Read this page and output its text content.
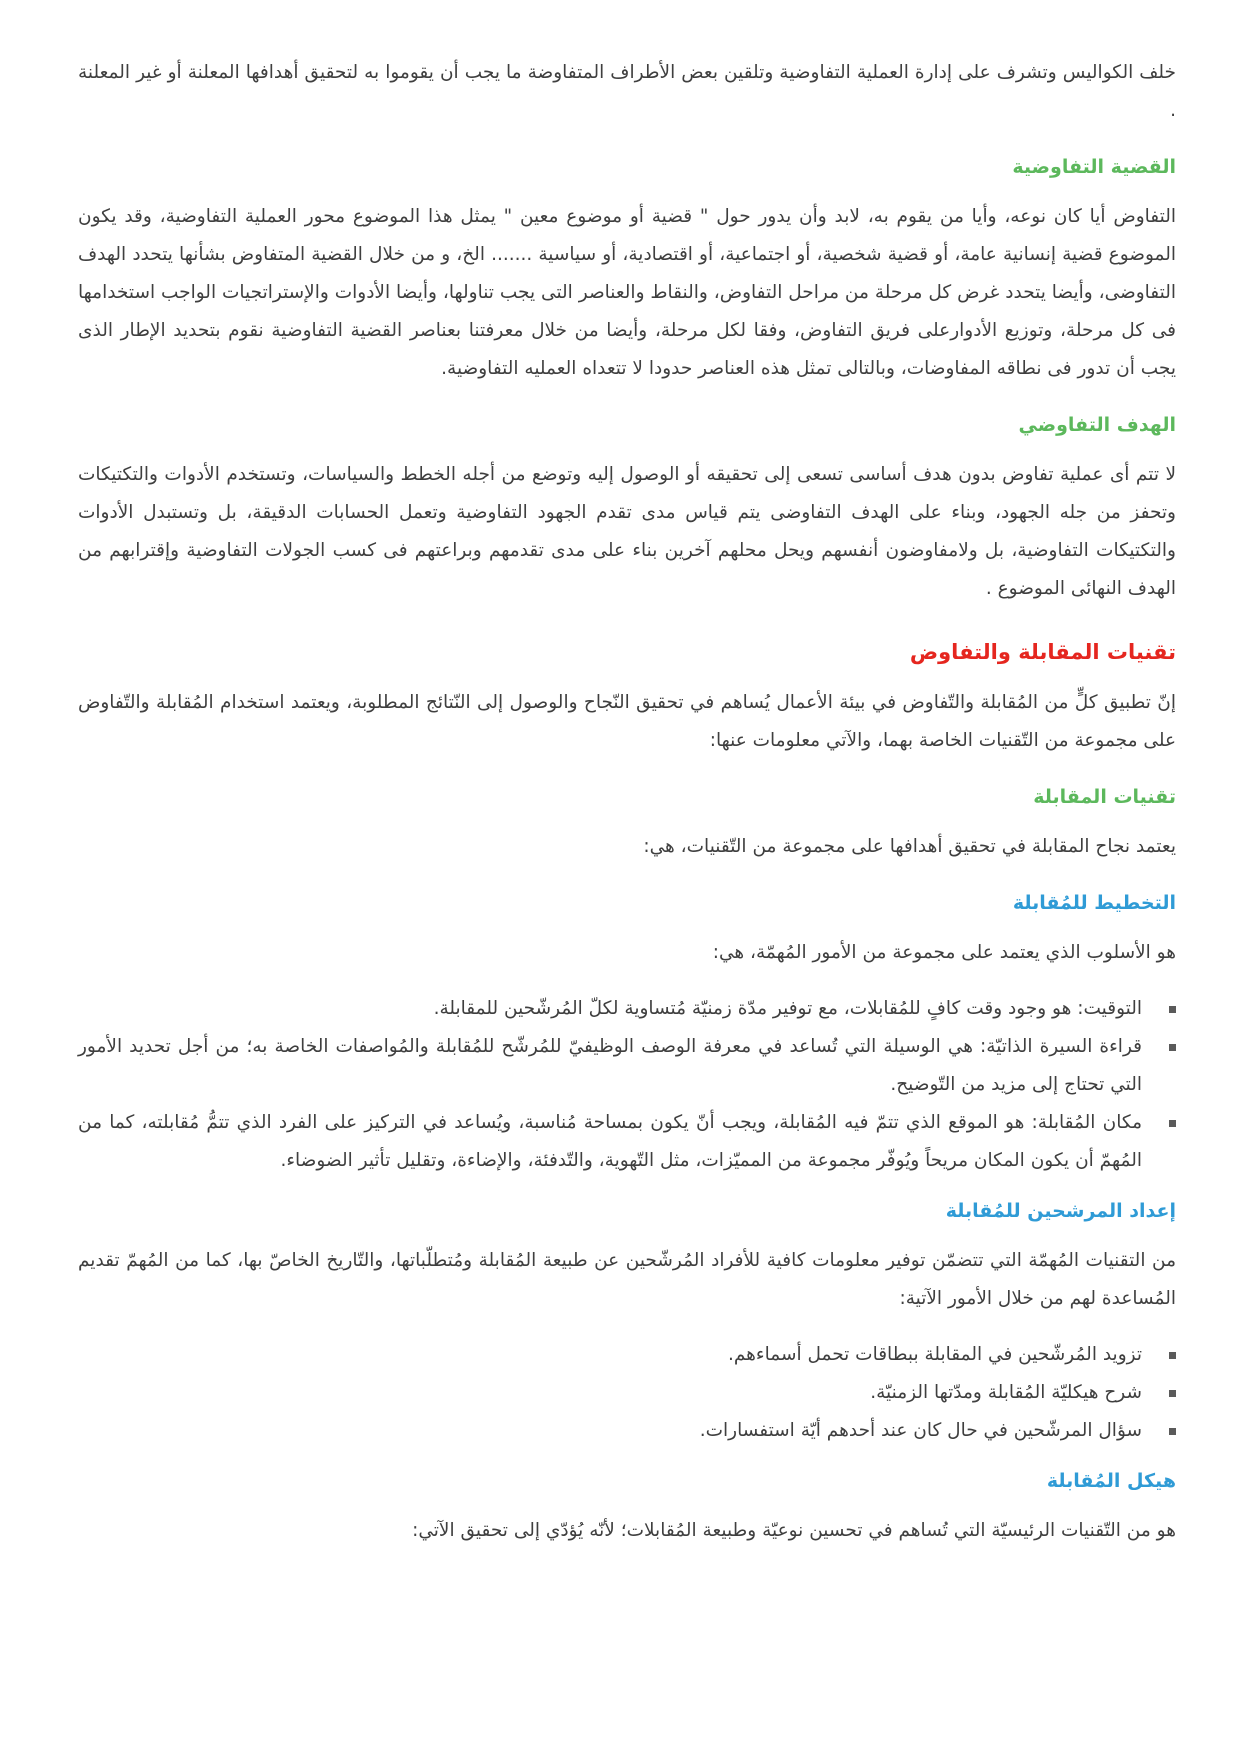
خلف الكواليس وتشرف على إدارة العملية التفاوضية وتلقين بعض الأطراف المتفاوضة ما يجب أن يقوموا به لتحقيق أهدافها المعلنة أو غير المعلنة .

القضية التفاوضية

التفاوض أيا كان نوعه، وأيا من يقوم به، لابد وأن يدور حول " قضية أو موضوع معين " يمثل هذا الموضوع محور العملية التفاوضية، وقد يكون الموضوع قضية إنسانية عامة، أو قضية شخصية، أو اجتماعية، أو اقتصادية، أو سياسية ....... الخ، و من خلال القضية المتفاوض بشأنها يتحدد الهدف التفاوضى، وأيضا يتحدد غرض كل مرحلة من مراحل التفاوض، والنقاط والعناصر التى يجب تناولها، وأيضا الأدوات والإستراتجيات الواجب استخدامها فى كل مرحلة، وتوزيع الأدوارعلى فريق التفاوض، وفقا لكل مرحلة، وأيضا من خلال معرفتنا بعناصر القضية التفاوضية نقوم بتحديد الإطار الذى يجب أن تدور فى نطاقه المفاوضات، وبالتالى تمثل هذه العناصر حدودا لا تتعداه العمليه التفاوضية.

الهدف التفاوضي

لا تتم أى عملية تفاوض بدون هدف أساسى تسعى إلى تحقيقه أو الوصول إليه وتوضع من أجله الخطط والسياسات، وتستخدم الأدوات والتكتيكات وتحفز من جله الجهود، وبناء على الهدف التفاوضى يتم قياس مدى تقدم الجهود التفاوضية وتعمل الحسابات الدقيقة، بل وتستبدل الأدوات والتكتيكات التفاوضية، بل ولامفاوضون أنفسهم ويحل محلهم آخرين بناء على مدى تقدمهم وبراعتهم فى كسب الجولات التفاوضية وإقترابهم من الهدف النهائى الموضوع .

تقنيات المقابلة والتفاوض

إنّ تطبيق كلٍّ من المُقابلة والتّفاوض في بيئة الأعمال يُساهم في تحقيق النّجاح والوصول إلى النّتائج المطلوبة، ويعتمد استخدام المُقابلة والتّفاوض على مجموعة من التّقنيات الخاصة بهما، والآتي معلومات عنها:

تقنيات المقابلة

يعتمد نجاح المقابلة في تحقيق أهدافها على مجموعة من التّقنيات، هي:

التخطيط للمُقابلة

هو الأسلوب الذي يعتمد على مجموعة من الأمور المُهمّة، هي:

التوقيت: هو وجود وقت كافٍ للمُقابلات، مع توفير مدّة زمنيّة مُتساوية لكلّ المُرشّحين للمقابلة.
قراءة السيرة الذاتيّة: هي الوسيلة التي تُساعد في معرفة الوصف الوظيفيّ للمُرشّح للمُقابلة والمُواصفات الخاصة به؛ من أجل تحديد الأمور التي تحتاج إلى مزيد من التّوضيح.
مكان المُقابلة: هو الموقع الذي تتمّ فيه المُقابلة، ويجب أنّ يكون بمساحة مُناسبة، ويُساعد في التركيز على الفرد الذي تتمُّ مُقابلته، كما من المُهمّ أن يكون المكان مريحاً ويُوفّر مجموعة من المميّزات، مثل التّهوية، والتّدفئة، والإضاءة، وتقليل تأثير الضوضاء.
إعداد المرشحين للمُقابلة

من التقنيات المُهمّة التي تتضمّن توفير معلومات كافية للأفراد المُرشّحين عن طبيعة المُقابلة ومُتطلّباتها، والتّاريخ الخاصّ بها، كما من المُهمّ تقديم المُساعدة لهم من خلال الأمور الآتية:

تزويد المُرشّحين في المقابلة ببطاقات تحمل أسماءهم.
شرح هيكليّة المُقابلة ومدّتها الزمنيّة.
سؤال المرشّحين في حال كان عند أحدهم أيّة استفسارات.
هيكل المُقابلة

هو من التّقنيات الرئيسيّة التي تُساهم في تحسين نوعيّة وطبيعة المُقابلات؛ لأنّه يُؤدّي إلى تحقيق الآتي:
